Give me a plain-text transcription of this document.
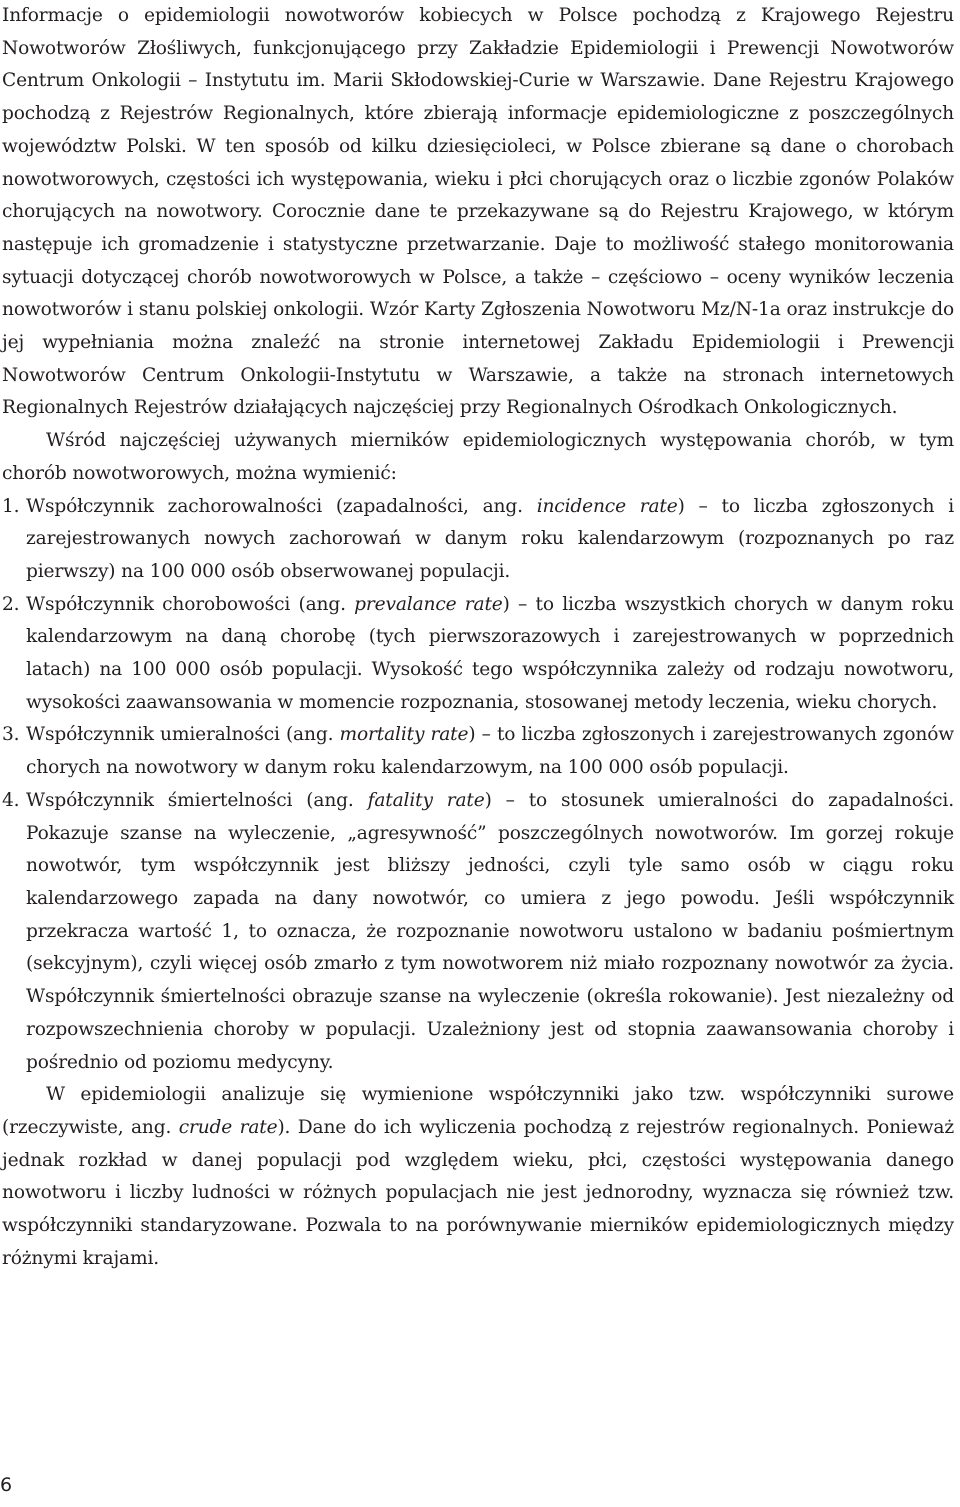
Informacje o epidemiologii nowotworów kobiecych w Polsce pochodzą z Krajowego Rejestru Nowotworów Złośliwych, funkcjonującego przy Zakładzie Epidemiologii i Prewencji Nowotworów Centrum Onkologii – Instytutu im. Marii Skłodowskiej-Curie w Warszawie. Dane Rejestru Krajowego pochodzą z Rejestrów Regionalnych, które zbierają informacje epidemiologiczne z poszczególnych województw Polski. W ten sposób od kilku dziesięcioleci, w Polsce zbierane są dane o chorobach nowotworowych, częstości ich występowania, wieku i płci chorujących oraz o liczbie zgonów Polaków chorujących na nowotwory. Corocznie dane te przekazywane są do Rejestru Krajowego, w którym następuje ich gromadzenie i statystyczne przetwarzanie. Daje to możliwość stałego monitorowania sytuacji dotyczącej chorób nowotworowych w Polsce, a także – częściowo – oceny wyników leczenia nowotworów i stanu polskiej onkologii. Wzór Karty Zgłoszenia Nowotworu Mz/N-1a oraz instrukcje do jej wypełniania można znaleźć na stronie internetowej Zakładu Epidemiologii i Prewencji Nowotworów Centrum Onkologii-Instytutu w Warszawie, a także na stronach internetowych Regionalnych Rejestrów działających najczęściej przy Regionalnych Ośrodkach Onkologicznych.

Wśród najczęściej używanych mierników epidemiologicznych występowania chorób, w tym chorób nowotworowych, można wymienić:

1. Współczynnik zachorowalności (zapadalności, ang. incidence rate) – to liczba zgłoszonych i zarejestrowanych nowych zachorowań w danym roku kalendarzowym (rozpoznanych po raz pierwszy) na 100 000 osób obserwowanej populacji.

2. Współczynnik chorobowości (ang. prevalance rate) – to liczba wszystkich chorych w danym roku kalendarzowym na daną chorobę (tych pierwszorazowych i zarejestrowanych w poprzednich latach) na 100 000 osób populacji. Wysokość tego współczynnika zależy od rodzaju nowotworu, wysokości zaawansowania w momencie rozpoznania, stosowanej metody leczenia, wieku chorych.

3. Współczynnik umieralności (ang. mortality rate) – to liczba zgłoszonych i zarejestrowanych zgonów chorych na nowotwory w danym roku kalendarzowym, na 100 000 osób populacji.

4. Współczynnik śmiertelności (ang. fatality rate) – to stosunek umieralności do zapadalności. Pokazuje szanse na wyleczenie, „agresywność” poszczególnych nowotworów. Im gorzej rokuje nowotwór, tym współczynnik jest bliższy jedności, czyli tyle samo osób w ciągu roku kalendarzowego zapada na dany nowotwór, co umiera z jego powodu. Jeśli współczynnik przekracza wartość 1, to oznacza, że rozpoznanie nowotworu ustalono w badaniu pośmiertnym (sekcyjnym), czyli więcej osób zmarło z tym nowotworem niż miało rozpoznany nowotwór za życia. Współczynnik śmiertelności obrazuje szanse na wyleczenie (określa rokowanie). Jest niezależny od rozpowszechnienia choroby w populacji. Uzależniony jest od stopnia zaawansowania choroby i pośrednio od poziomu medycyny.

W epidemiologii analizuje się wymienione współczynniki jako tzw. współczynniki surowe (rzeczywiste, ang. crude rate). Dane do ich wyliczenia pochodzą z rejestrów regionalnych. Ponieważ jednak rozkład w danej populacji pod względem wieku, płci, częstości występowania danego nowotworu i liczby ludności w różnych populacjach nie jest jednorodny, wyznacza się również tzw. współczynniki standaryzowane. Pozwala to na porównywanie mierników epidemiologicznych między różnymi krajami.

6
